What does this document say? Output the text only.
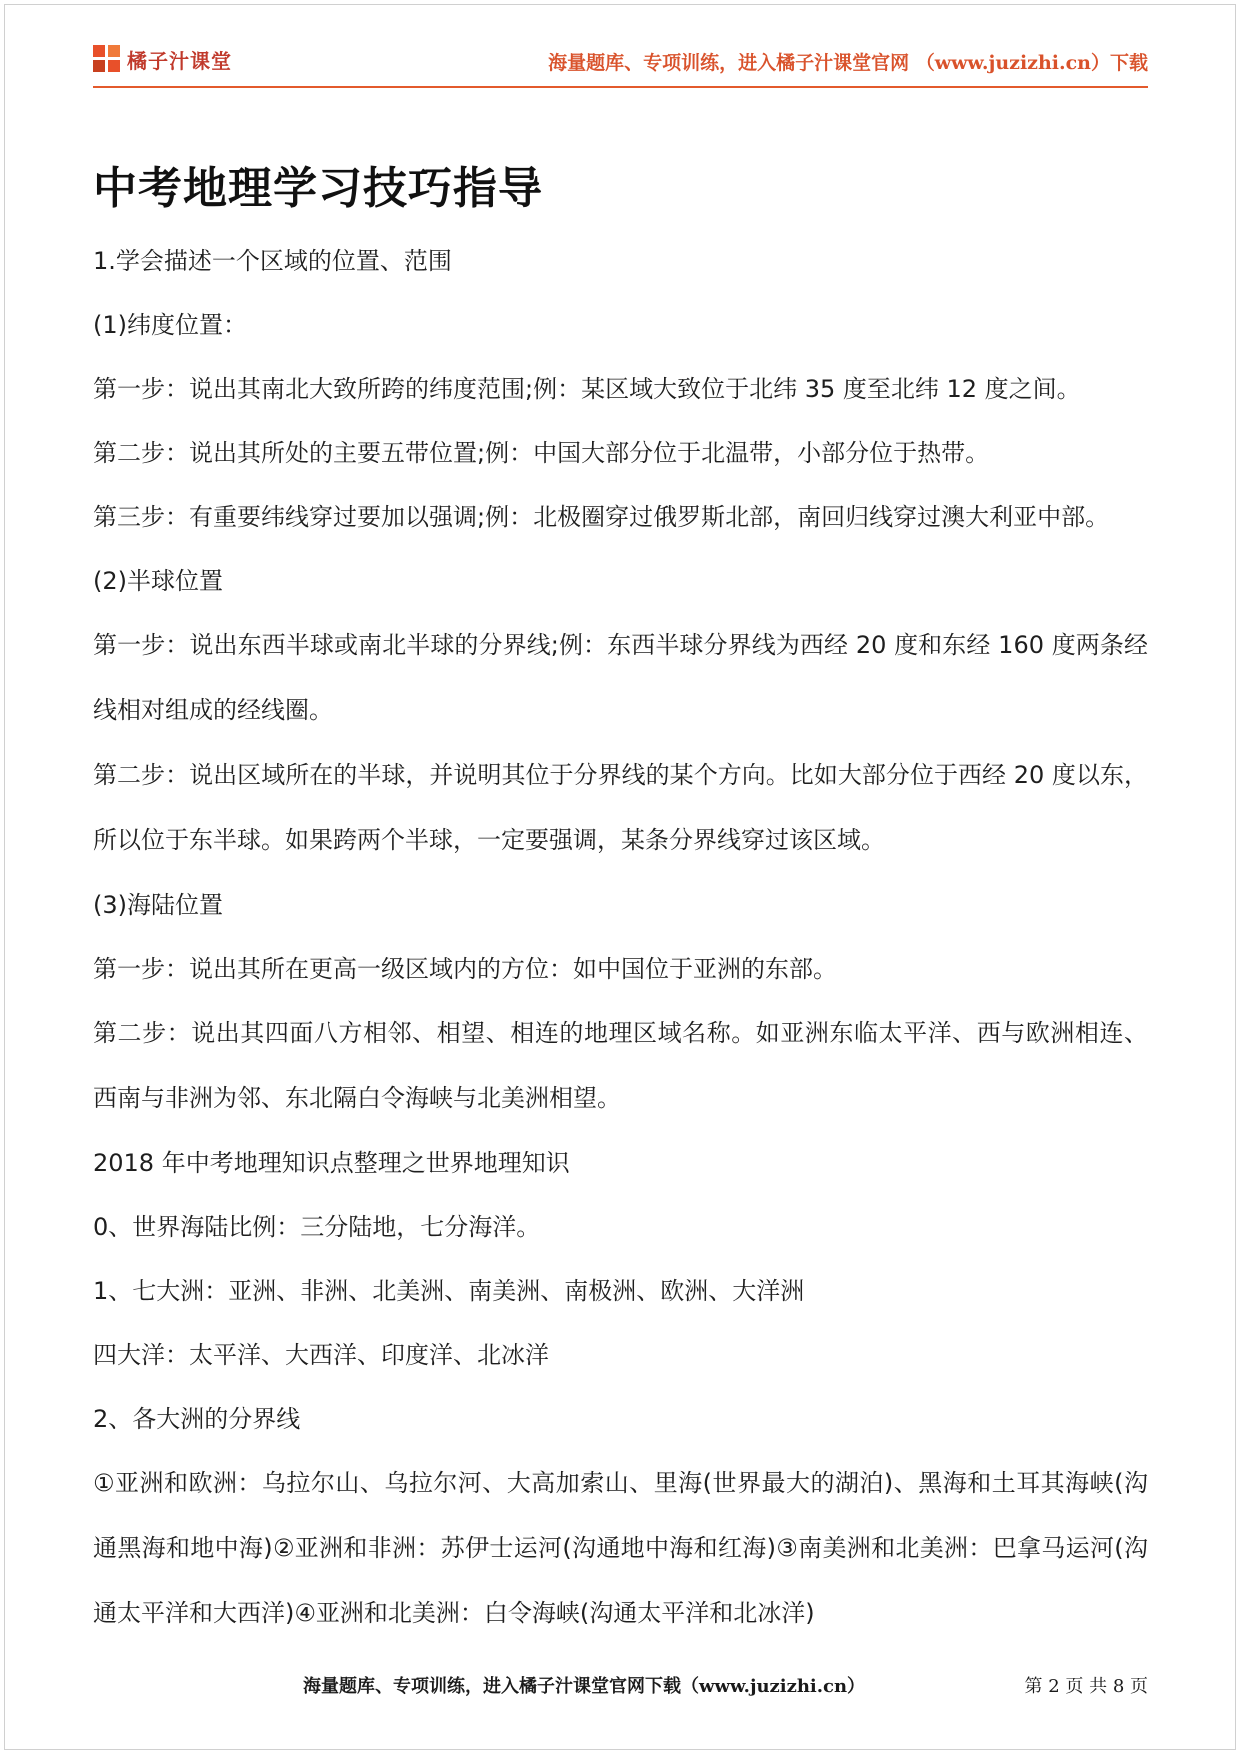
橘子汁课堂	海量题库、专项训练，进入橘子汁课堂官网 （www.juzizhi.cn）下载
中考地理学习技巧指导

1.学会描述一个区域的位置、范围

(1)纬度位置：

第一步：说出其南北大致所跨的纬度范围;例：某区域大致位于北纬 35 度至北纬 12 度之间。

第二步：说出其所处的主要五带位置;例：中国大部分位于北温带，小部分位于热带。

第三步：有重要纬线穿过要加以强调;例：北极圈穿过俄罗斯北部，南回归线穿过澳大利亚中部。

(2)半球位置

第一步：说出东西半球或南北半球的分界线;例：东西半球分界线为西经 20 度和东经 160 度两条经线相对组成的经线圈。

第二步：说出区域所在的半球，并说明其位于分界线的某个方向。比如大部分位于西经 20 度以东，所以位于东半球。如果跨两个半球，一定要强调，某条分界线穿过该区域。

(3)海陆位置

第一步：说出其所在更高一级区域内的方位：如中国位于亚洲的东部。

第二步：说出其四面八方相邻、相望、相连的地理区域名称。如亚洲东临太平洋、西与欧洲相连、西南与非洲为邻、东北隔白令海峡与北美洲相望。

2018 年中考地理知识点整理之世界地理知识

0、世界海陆比例：三分陆地，七分海洋。

1、七大洲：亚洲、非洲、北美洲、南美洲、南极洲、欧洲、大洋洲

四大洋：太平洋、大西洋、印度洋、北冰洋

2、各大洲的分界线

①亚洲和欧洲：乌拉尔山、乌拉尔河、大高加索山、里海(世界最大的湖泊)、黑海和土耳其海峡(沟通黑海和地中海)②亚洲和非洲：苏伊士运河(沟通地中海和红海)③南美洲和北美洲：巴拿马运河(沟通太平洋和大西洋)④亚洲和北美洲：白令海峡(沟通太平洋和北冰洋)

海量题库、专项训练，进入橘子汁课堂官网下载（www.juzizhi.cn）	第 2 页 共 8 页
